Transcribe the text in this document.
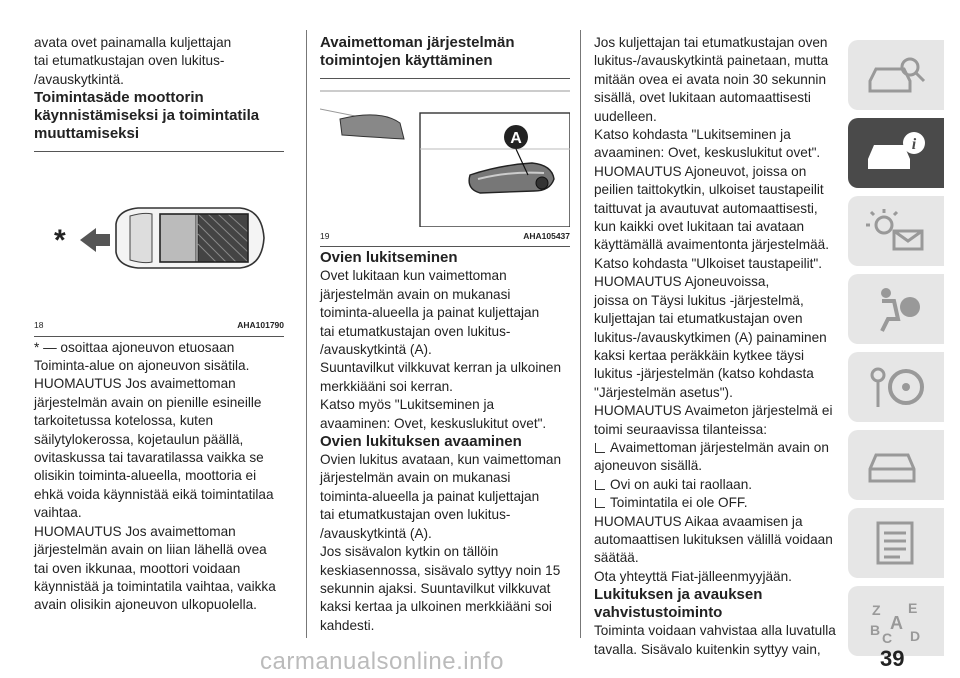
avata ovet painamalla kuljettajan

tai etumatkustajan oven lukitus-

/avauskytkintä.

Toimintasäde moottorin

käynnistämiseksi ja toimintatila

muuttamiseksi

*
18	AHA101790

* — osoittaa ajoneuvon etuosaan

Toiminta-alue on ajoneuvon sisätila.

HUOMAUTUS Jos avaimettoman

järjestelmän avain on pienille esineille

tarkoitetussa kotelossa, kuten

säilytylokerossa, kojetaulun päällä,

ovitaskussa tai tavaratilassa vaikka se

olisikin toiminta-alueella, moottoria ei

ehkä voida käynnistää eikä toimintatilaa

vaihtaa.

HUOMAUTUS Jos avaimettoman

järjestelmän avain on liian lähellä ovea

tai oven ikkunaa, moottori voidaan

käynnistää ja toimintatila vaihtaa, vaikka

avain olisikin ajoneuvon ulkopuolella.

Avaimettoman järjestelmän

toimintojen käyttäminen

A
19	AHA105437

Ovien lukitseminen

Ovet lukitaan kun vaimettoman

järjestelmän avain on mukanasi

toiminta-alueella ja painat kuljettajan

tai etumatkustajan oven lukitus-

/avauskytkintä (A).

Suuntavilkut vilkkuvat kerran ja ulkoinen

merkkiääni soi kerran.

Katso myös "Lukitseminen ja

avaaminen: Ovet, keskuslukitut ovet".

Ovien lukituksen avaaminen

Ovien lukitus avataan, kun vaimettoman

järjestelmän avain on mukanasi

toiminta-alueella ja painat kuljettajan

tai etumatkustajan oven lukitus-

/avauskytkintä (A).

Jos sisävalon kytkin on tällöin

keskiasennossa, sisävalo syttyy noin 15

sekunnin ajaksi. Suuntavilkut vilkkuvat

kaksi kertaa ja ulkoinen merkkiääni soi

kahdesti.

Jos kuljettajan tai etumatkustajan oven

lukitus-/avauskytkintä painetaan, mutta

mitään ovea ei avata noin 30 sekunnin

sisällä, ovet lukitaan automaattisesti

uudelleen.

Katso kohdasta "Lukitseminen ja

avaaminen: Ovet, keskuslukitut ovet".

HUOMAUTUS Ajoneuvot, joissa on

peilien taittokytkin, ulkoiset taustapeilit

taittuvat ja avautuvat automaattisesti,

kun kaikki ovet lukitaan tai avataan

käyttämällä avaimentonta järjestelmää.

Katso kohdasta "Ulkoiset taustapeilit".

HUOMAUTUS Ajoneuvoissa,

joissa on Täysi lukitus -järjestelmä,

kuljettajan tai etumatkustajan oven

lukitus-/avauskytkimen (A) painaminen

kaksi kertaa peräkkäin kytkee täysi

lukitus -järjestelmän (katso kohdasta

"Järjestelmän asetus").

HUOMAUTUS Avaimeton järjestelmä ei

toimi seuraavissa tilanteissa:

Avaimettoman järjestelmän avain on

ajoneuvon sisällä.

Ovi on auki tai raollaan.
Toimintatila ei ole OFF.

HUOMAUTUS Aikaa avaamisen ja

automaattisen lukituksen välillä voidaan

säätää.

Ota yhteyttä Fiat-jälleenmyyjään.

Lukituksen ja avauksen

vahvistustoiminto

Toiminta voidaan vahvistaa alla luvatulla

tavalla. Sisävalo kuitenkin syttyy vain,

i
Z E
A
B C D
carmanualsonline.info	39
